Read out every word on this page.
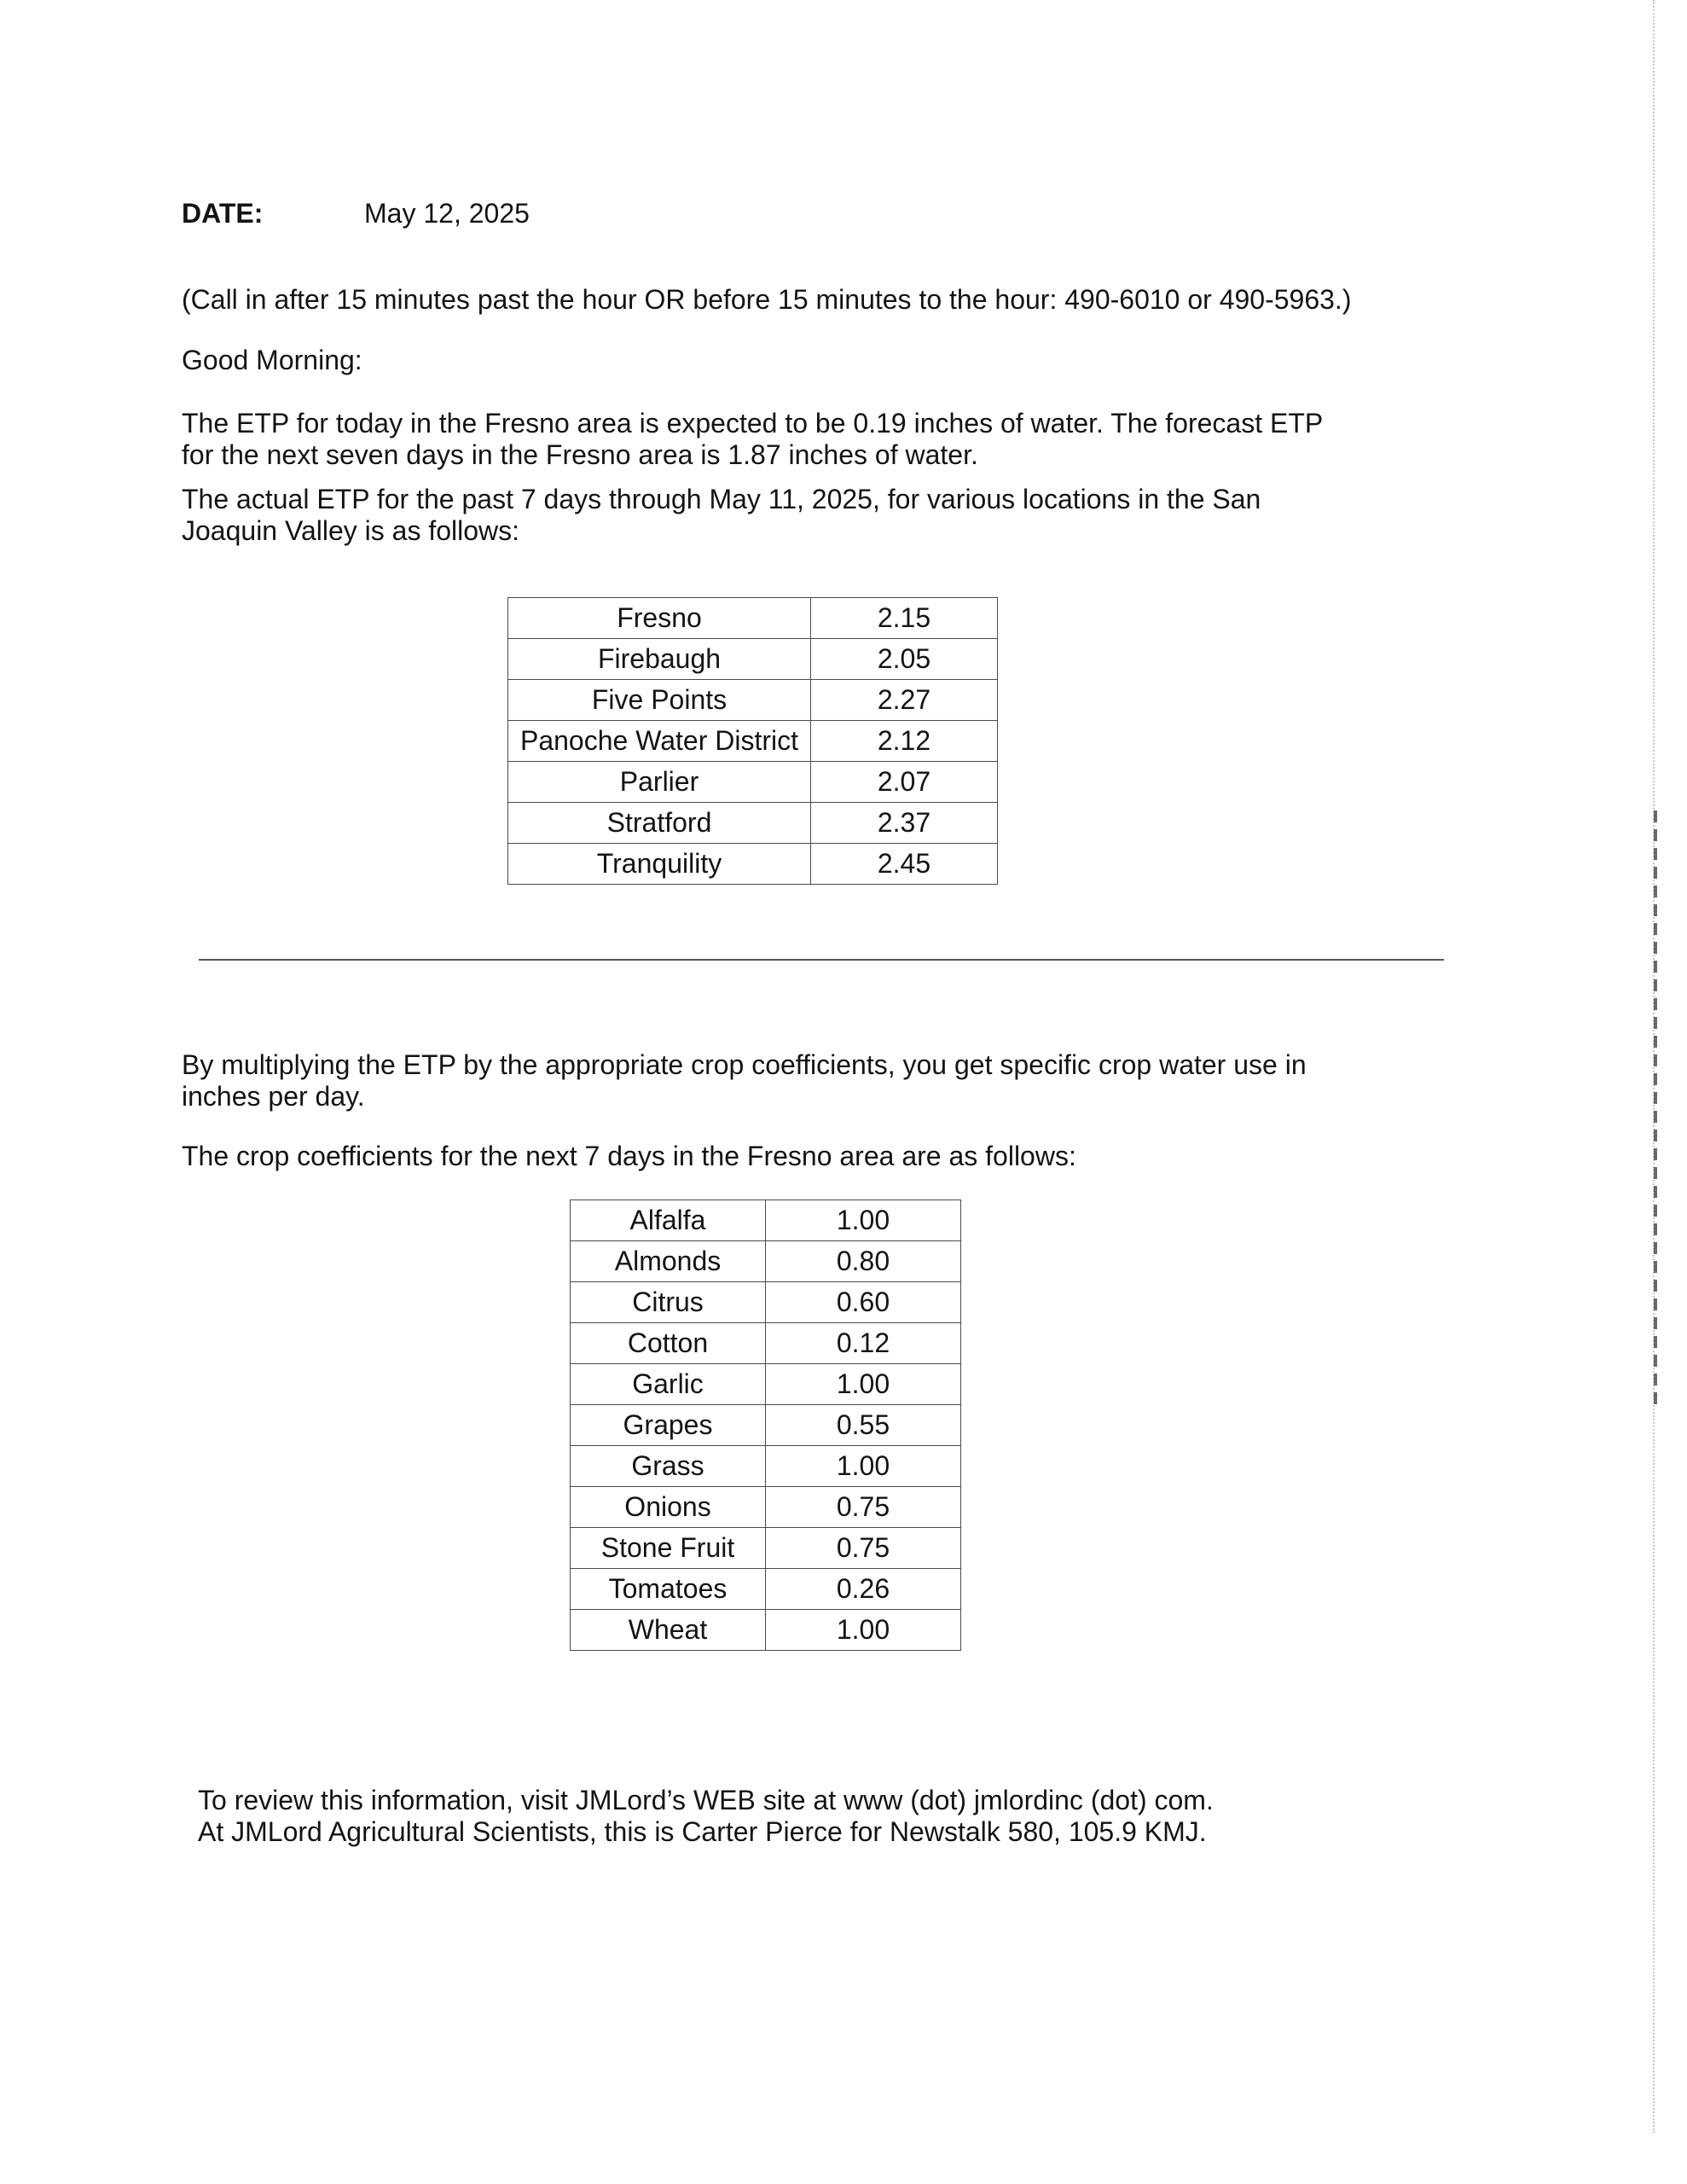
DATE:	May 12, 2025
(Call in after 15 minutes past the hour OR before 15 minutes to the hour: 490-6010 or 490-5963.)
Good Morning:
The ETP for today in the Fresno area is expected to be 0.19 inches of water. The forecast ETP
for the next seven days in the Fresno area is 1.87 inches of water.
The actual ETP for the past 7 days through May 11, 2025, for various locations in the San
Joaquin Valley is as follows:
Fresno	2.15
Firebaugh	2.05
Five Points	2.27
Panoche Water District	2.12
Parlier	2.07
Stratford	2.37
Tranquility	2.45
By multiplying the ETP by the appropriate crop coefficients, you get specific crop water use in
inches per day.
The crop coefficients for the next 7 days in the Fresno area are as follows:
Alfalfa	1.00
Almonds	0.80
Citrus	0.60
Cotton	0.12
Garlic	1.00
Grapes	0.55
Grass	1.00
Onions	0.75
Stone Fruit	0.75
Tomatoes	0.26
Wheat	1.00
To review this information, visit JMLord’s WEB site at www (dot) jmlordinc (dot) com.
At JMLord Agricultural Scientists, this is Carter Pierce for Newstalk 580, 105.9 KMJ.
